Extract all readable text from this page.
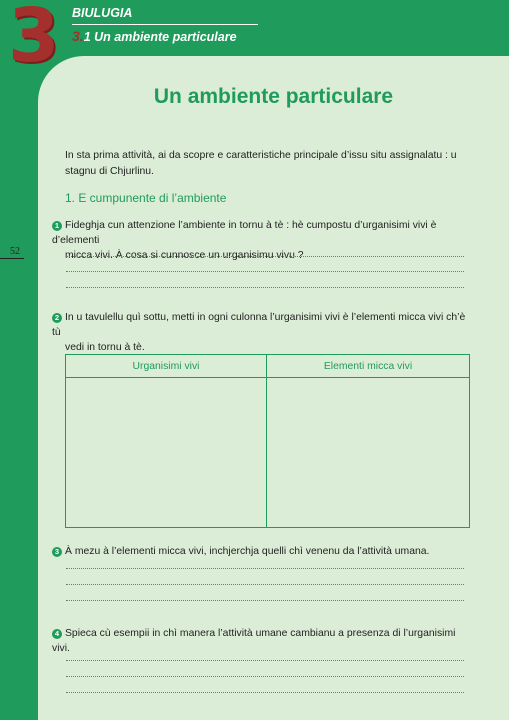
3	BIULUGIA
3.1 Un ambiente particulare
Un ambiente particulare
In sta prima attività, ai da scopre e caratteristiche principale d’issu situ assignalatu : u stagnu di Chjurlinu.
1. E cumpunente di l’ambiente
52
1 Fideghja cun attenzione l’ambiente in tornu à tè : hè cumpostu d’urganisimi vivi è d’elementi
micca vivi. À cosa si cunnosce un urganisimu vivu ?
2 In u tavulellu quì sottu, metti in ogni culonna l’urganisimi vivi è l’elementi micca vivi ch’è tù
vedi in tornu à tè.
Urganisimi vivi	Elementi micca vivi
3 À mezu à l’elementi micca vivi, inchjerchja quelli chì venenu da l’attività umana.
4 Spieca cù esempii in chì manera l’attività umane cambianu a presenza di l’urganisimi vivi.
